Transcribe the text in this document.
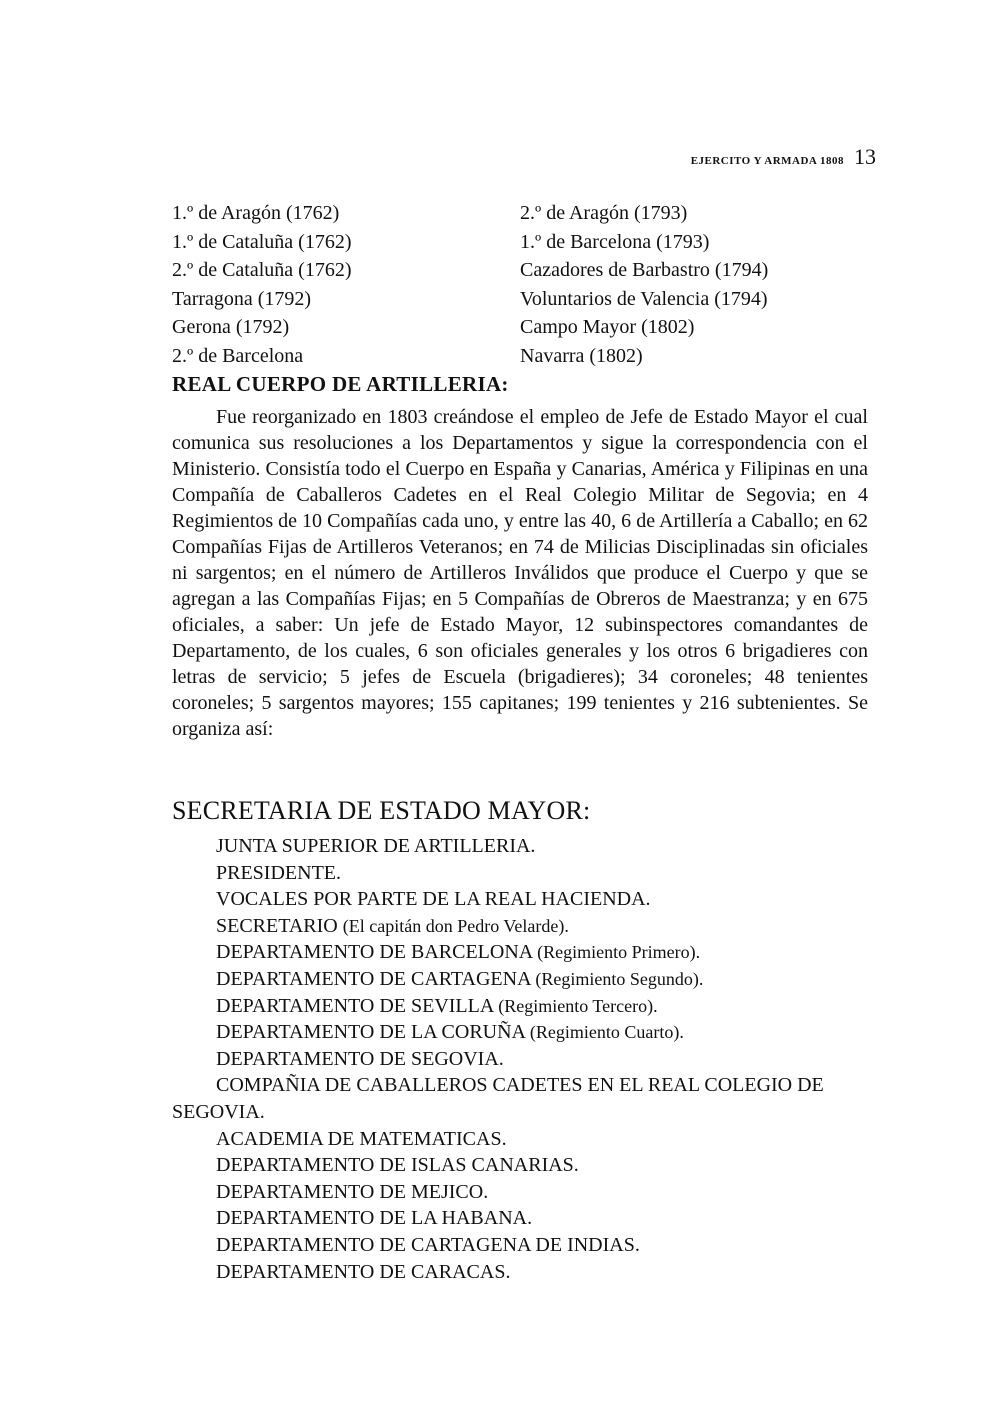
EJERCITO Y ARMADA 1808 13
1.º de Aragón (1762)
1.º de Cataluña (1762)
2.º de Cataluña (1762)
Tarragona (1792)
Gerona (1792)
2.º de Barcelona
2.º de Aragón (1793)
1.º de Barcelona (1793)
Cazadores de Barbastro (1794)
Voluntarios de Valencia (1794)
Campo Mayor (1802)
Navarra (1802)
REAL CUERPO DE ARTILLERIA:

Fue reorganizado en 1803 creándose el empleo de Jefe de Estado Mayor el cual comunica sus resoluciones a los Departamentos y sigue la correspondencia con el Ministerio. Consistía todo el Cuerpo en España y Canarias, América y Filipinas en una Compañía de Caballeros Cadetes en el Real Colegio Militar de Segovia; en 4 Regimientos de 10 Compañías cada uno, y entre las 40, 6 de Artillería a Caballo; en 62 Compañías Fijas de Artilleros Veteranos; en 74 de Milicias Disciplinadas sin oficiales ni sargentos; en el número de Artilleros Inválidos que produce el Cuerpo y que se agregan a las Compañías Fijas; en 5 Compañías de Obreros de Maestranza; y en 675 oficiales, a saber: Un jefe de Estado Mayor, 12 subinspectores comandantes de Departamento, de los cuales, 6 son oficiales generales y los otros 6 brigadieres con letras de servicio; 5 jefes de Escuela (brigadieres); 34 coroneles; 48 tenientes coroneles; 5 sargentos mayores; 155 capitanes; 199 tenientes y 216 subtenientes. Se organiza así:

SECRETARIA DE ESTADO MAYOR:
JUNTA SUPERIOR DE ARTILLERIA.
PRESIDENTE.
VOCALES POR PARTE DE LA REAL HACIENDA.
SECRETARIO (El capitán don Pedro Velarde).
DEPARTAMENTO DE BARCELONA (Regimiento Primero).
DEPARTAMENTO DE CARTAGENA (Regimiento Segundo).
DEPARTAMENTO DE SEVILLA (Regimiento Tercero).
DEPARTAMENTO DE LA CORUÑA (Regimiento Cuarto).
DEPARTAMENTO DE SEGOVIA.
COMPAÑIA DE CABALLEROS CADETES EN EL REAL COLEGIO DE SEGOVIA.
ACADEMIA DE MATEMATICAS.
DEPARTAMENTO DE ISLAS CANARIAS.
DEPARTAMENTO DE MEJICO.
DEPARTAMENTO DE LA HABANA.
DEPARTAMENTO DE CARTAGENA DE INDIAS.
DEPARTAMENTO DE CARACAS.
